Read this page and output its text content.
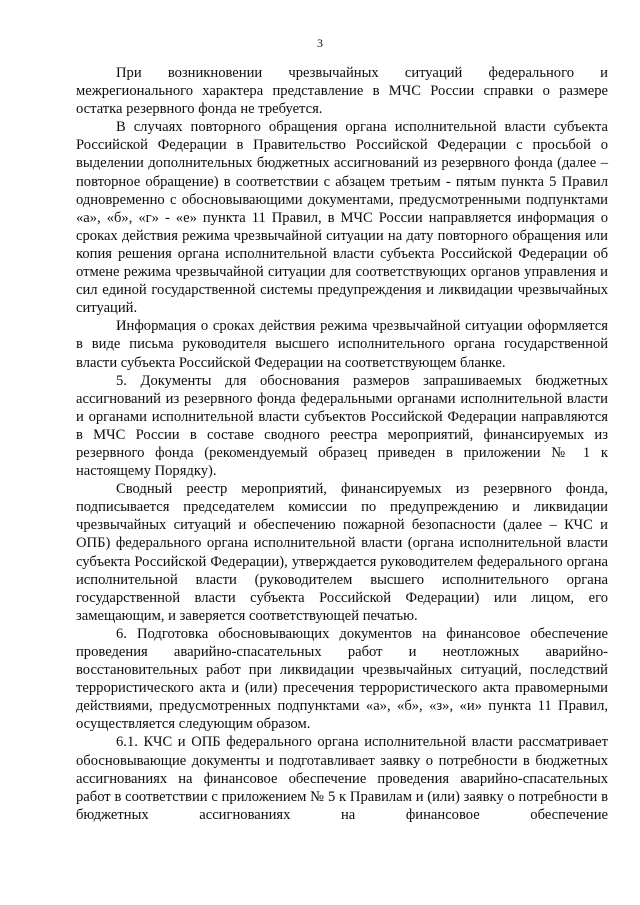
3

При возникновении чрезвычайных ситуаций федерального и межрегионального характера представление в МЧС России справки о размере остатка резервного фонда не требуется.

В случаях повторного обращения органа исполнительной власти субъекта Российской Федерации в Правительство Российской Федерации с просьбой о выделении дополнительных бюджетных ассигнований из резервного фонда (далее – повторное обращение) в соответствии с абзацем третьим - пятым пункта 5 Правил одновременно с обосновывающими документами, предусмотренными подпунктами «а», «б», «г» - «е» пункта 11 Правил, в МЧС России направляется информация о сроках действия режима чрезвычайной ситуации на дату повторного обращения или копия решения органа исполнительной власти субъекта Российской Федерации об отмене режима чрезвычайной ситуации для соответствующих органов управления и сил единой государственной системы предупреждения и ликвидации чрезвычайных ситуаций.

Информация о сроках действия режима чрезвычайной ситуации оформляется в виде письма руководителя высшего исполнительного органа государственной власти субъекта Российской Федерации на соответствующем бланке.

5. Документы для обоснования размеров запрашиваемых бюджетных ассигнований из резервного фонда федеральными органами исполнительной власти и органами исполнительной власти субъектов Российской Федерации направляются в МЧС России в составе сводного реестра мероприятий, финансируемых из резервного фонда (рекомендуемый образец приведен в приложении № 1 к настоящему Порядку).

Сводный реестр мероприятий, финансируемых из резервного фонда, подписывается председателем комиссии по предупреждению и ликвидации чрезвычайных ситуаций и обеспечению пожарной безопасности (далее – КЧС и ОПБ) федерального органа исполнительной власти (органа исполнительной власти субъекта Российской Федерации), утверждается руководителем федерального органа исполнительной власти (руководителем высшего исполнительного органа государственной власти субъекта Российской Федерации) или лицом, его замещающим, и заверяется соответствующей печатью.

6. Подготовка обосновывающих документов на финансовое обеспечение проведения аварийно-спасательных работ и неотложных аварийно-восстановительных работ при ликвидации чрезвычайных ситуаций, последствий террористического акта и (или) пресечения террористического акта правомерными действиями, предусмотренных подпунктами «а», «б», «з», «и» пункта 11 Правил, осуществляется следующим образом.

6.1. КЧС и ОПБ федерального органа исполнительной власти рассматривает обосновывающие документы и подготавливает заявку о потребности в бюджетных ассигнованиях на финансовое обеспечение проведения аварийно-спасательных работ в соответствии с приложением № 5 к Правилам и (или) заявку о потребности в бюджетных ассигнованиях на финансовое обеспечение
